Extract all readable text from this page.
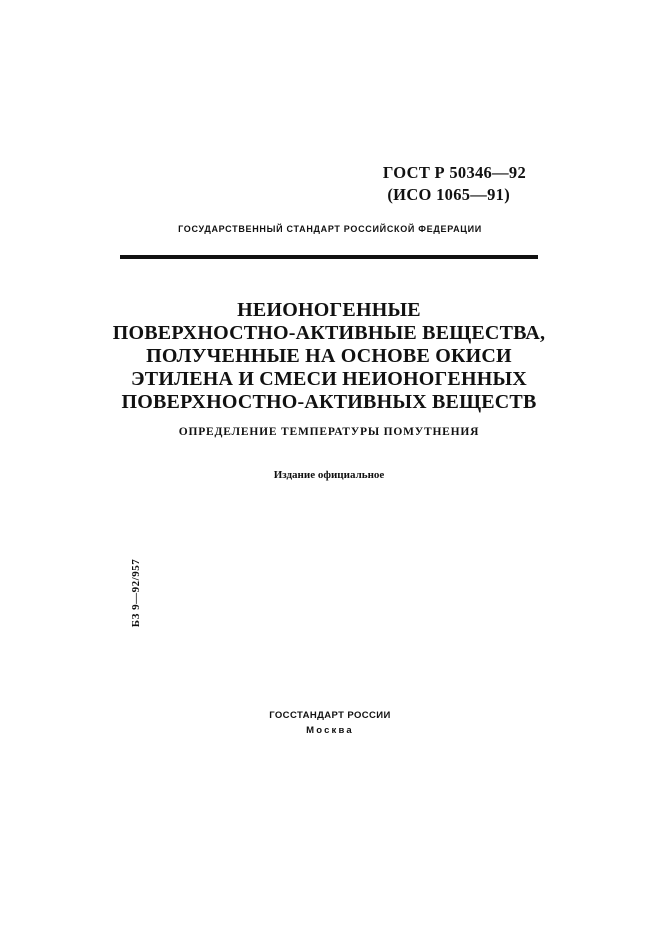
ГОСТ Р 50346—92
(ИСО 1065—91)
ГОСУДАРСТВЕННЫЙ СТАНДАРТ РОССИЙСКОЙ ФЕДЕРАЦИИ
НЕИОНОГЕННЫЕ
ПОВЕРХНОСТНО-АКТИВНЫЕ ВЕЩЕСТВА,
ПОЛУЧЕННЫЕ НА ОСНОВЕ ОКИСИ
ЭТИЛЕНА И СМЕСИ НЕИОНОГЕННЫХ
ПОВЕРХНОСТНО-АКТИВНЫХ ВЕЩЕСТВ
ОПРЕДЕЛЕНИЕ ТЕМПЕРАТУРЫ ПОМУТНЕНИЯ
Издание официальное
БЗ 9—92/957
ГОССТАНДАРТ РОССИИ
Москва
